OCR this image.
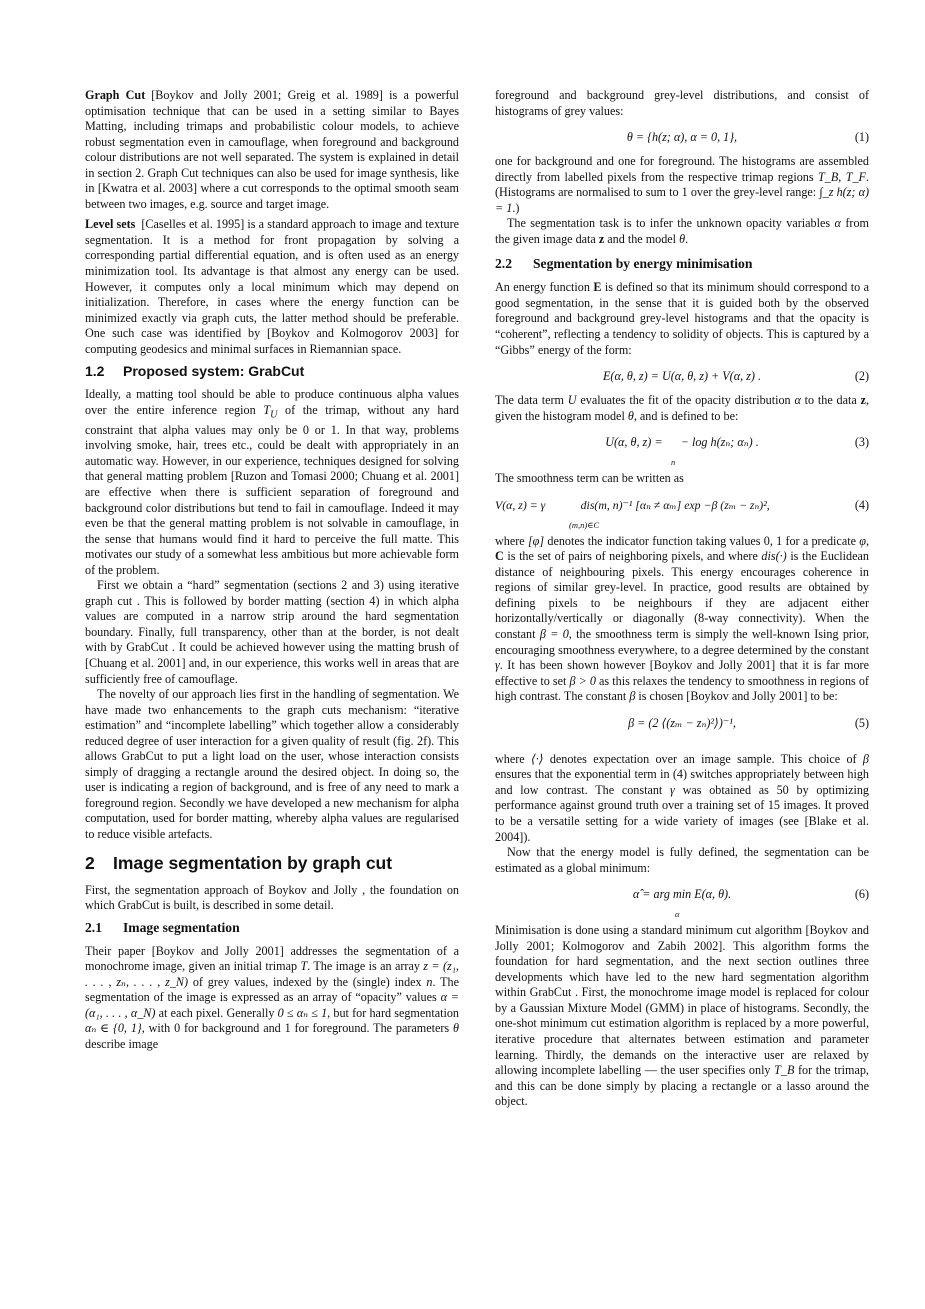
Graph Cut [Boykov and Jolly 2001; Greig et al. 1989] is a powerful optimisation technique that can be used in a setting similar to Bayes Matting, including trimaps and probabilistic colour models, to achieve robust segmentation even in camouflage, when foreground and background colour distributions are not well separated. The system is explained in detail in section 2. Graph Cut techniques can also be used for image synthesis, like in [Kwatra et al. 2003] where a cut corresponds to the optimal smooth seam between two images, e.g. source and target image.

Level sets [Caselles et al. 1995] is a standard approach to image and texture segmentation. It is a method for front propagation by solving a corresponding partial differential equation, and is often used as an energy minimization tool. Its advantage is that almost any energy can be used. However, it computes only a local minimum which may depend on initialization. Therefore, in cases where the energy function can be minimized exactly via graph cuts, the latter method should be preferable. One such case was identified by [Boykov and Kolmogorov 2003] for computing geodesics and minimal surfaces in Riemannian space.

1.2 Proposed system: GrabCut

Ideally, a matting tool should be able to produce continuous alpha values over the entire inference region $T_U$ of the trimap, without any hard constraint that alpha values may only be 0 or 1. In that way, problems involving smoke, hair, trees etc., could be dealt with appropriately in an automatic way. However, in our experience, techniques designed for solving that general matting problem [Ruzon and Tomasi 2000; Chuang et al. 2001] are effective when there is sufficient separation of foreground and background color distributions but tend to fail in camouflage. Indeed it may even be that the general matting problem is not solvable in camouflage, in the sense that humans would find it hard to perceive the full matte. This motivates our study of a somewhat less ambitious but more achievable form of the problem.

First we obtain a “hard” segmentation (sections 2 and 3) using iterative graph cut . This is followed by border matting (section 4) in which alpha values are computed in a narrow strip around the hard segmentation boundary. Finally, full transparency, other than at the border, is not dealt with by GrabCut . It could be achieved however using the matting brush of [Chuang et al. 2001] and, in our experience, this works well in areas that are sufficiently free of camouflage.

The novelty of our approach lies first in the handling of segmentation. We have made two enhancements to the graph cuts mechanism: “iterative estimation” and “incomplete labelling” which together allow a considerably reduced degree of user interaction for a given quality of result (fig. 2f). This allows GrabCut to put a light load on the user, whose interaction consists simply of dragging a rectangle around the desired object. In doing so, the user is indicating a region of background, and is free of any need to mark a foreground region. Secondly we have developed a new mechanism for alpha computation, used for border matting, whereby alpha values are regularised to reduce visible artefacts.

2 Image segmentation by graph cut

First, the segmentation approach of Boykov and Jolly , the foundation on which GrabCut is built, is described in some detail.

2.1 Image segmentation

Their paper [Boykov and Jolly 2001] addresses the segmentation of a monochrome image, given an initial trimap T. The image is an array z = (z₁, . . . , zₙ, . . . , z_N) of grey values, indexed by the (single) index n. The segmentation of the image is expressed as an array of “opacity” values α = (α₁, . . . , α_N) at each pixel. Generally 0 ≤ αₙ ≤ 1, but for hard segmentation αₙ ∈ {0, 1}, with 0 for background and 1 for foreground. The parameters θ describe image

foreground and background grey-level distributions, and consist of histograms of grey values:

θ = {h(z; α), α = 0, 1},	(1)

one for background and one for foreground. The histograms are assembled directly from labelled pixels from the respective trimap regions T_B, T_F. (Histograms are normalised to sum to 1 over the grey-level range: ∫_z h(z; α) = 1.)

The segmentation task is to infer the unknown opacity variables α from the given image data z and the model θ.

2.2 Segmentation by energy minimisation

An energy function E is defined so that its minimum should correspond to a good segmentation, in the sense that it is guided both by the observed foreground and background grey-level histograms and that the opacity is “coherent”, reflecting a tendency to solidity of objects. This is captured by a “Gibbs” energy of the form:

E(α, θ, z) = U(α, θ, z) + V(α, z) .	(2)

The data term U evaluates the fit of the opacity distribution α to the data z, given the histogram model θ, and is defined to be:

U(α, θ, z) =      − log h(zₙ; αₙ) .
n
(3)

The smoothness term can be written as

V(α, z) = γ            dis(m, n)⁻¹ [αₙ ≠ αₘ] exp −β (zₘ − zₙ)²,
(m,n)∈C
(4)

where [φ] denotes the indicator function taking values 0, 1 for a predicate φ, C is the set of pairs of neighboring pixels, and where dis(·) is the Euclidean distance of neighbouring pixels. This energy encourages coherence in regions of similar grey-level. In practice, good results are obtained by defining pixels to be neighbours if they are adjacent either horizontally/vertically or diagonally (8-way connectivity). When the constant β = 0, the smoothness term is simply the well-known Ising prior, encouraging smoothness everywhere, to a degree determined by the constant γ. It has been shown however [Boykov and Jolly 2001] that it is far more effective to set β > 0 as this relaxes the tendency to smoothness in regions of high contrast. The constant β is chosen [Boykov and Jolly 2001] to be:

β = (2 ⟨(zₘ − zₙ)²⟩)⁻¹,	(5)

where ⟨·⟩ denotes expectation over an image sample. This choice of β ensures that the exponential term in (4) switches appropriately between high and low contrast. The constant γ was obtained as 50 by optimizing performance against ground truth over a training set of 15 images. It proved to be a versatile setting for a wide variety of images (see [Blake et al. 2004]).

Now that the energy model is fully defined, the segmentation can be estimated as a global minimum:

α̂ = arg min E(α, θ).
α
(6)

Minimisation is done using a standard minimum cut algorithm [Boykov and Jolly 2001; Kolmogorov and Zabih 2002]. This algorithm forms the foundation for hard segmentation, and the next section outlines three developments which have led to the new hard segmentation algorithm within GrabCut . First, the monochrome image model is replaced for colour by a Gaussian Mixture Model (GMM) in place of histograms. Secondly, the one-shot minimum cut estimation algorithm is replaced by a more powerful, iterative procedure that alternates between estimation and parameter learning. Thirdly, the demands on the interactive user are relaxed by allowing incomplete labelling — the user specifies only T_B for the trimap, and this can be done simply by placing a rectangle or a lasso around the object.
